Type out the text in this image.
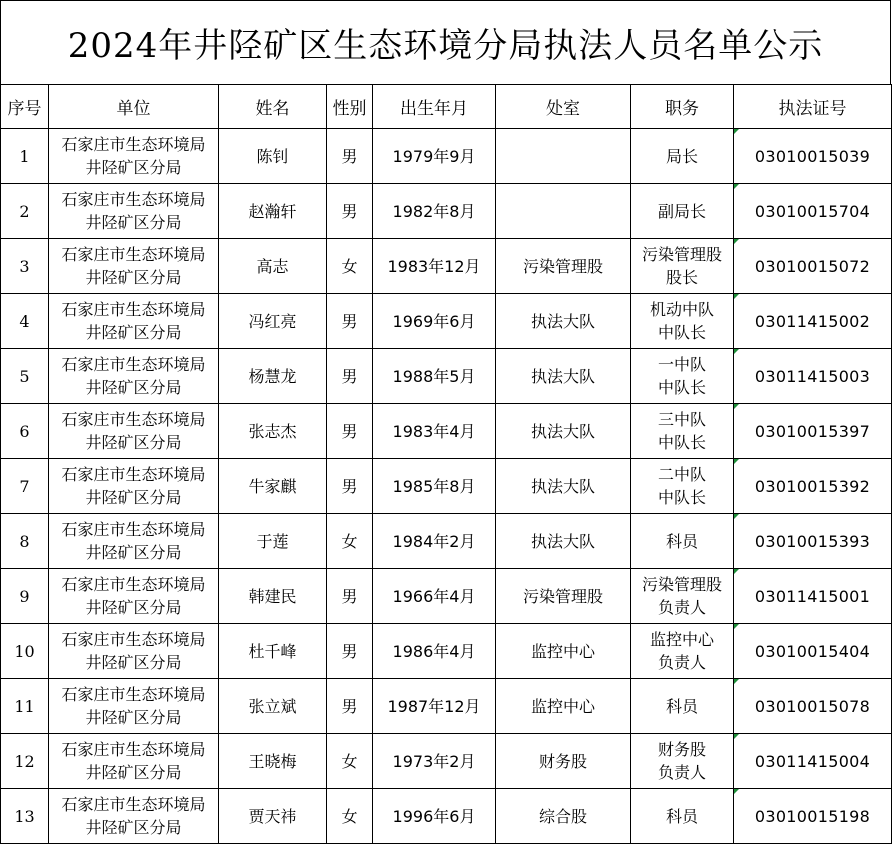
2024年井陉矿区生态环境分局执法人员名单公示
序号	单位	姓名	性别	出生年月	处室	职务	执法证号
1	石家庄市生态环境局
井陉矿区分局	陈钊	男	1979年9月		局长	03010015039
2	石家庄市生态环境局
井陉矿区分局	赵瀚轩	男	1982年8月		副局长	03010015704
3	石家庄市生态环境局
井陉矿区分局	高志	女	1983年12月	污染管理股	污染管理股
股长	03010015072
4	石家庄市生态环境局
井陉矿区分局	冯红亮	男	1969年6月	执法大队	机动中队
中队长	03011415002
5	石家庄市生态环境局
井陉矿区分局	杨慧龙	男	1988年5月	执法大队	一中队
中队长	03011415003
6	石家庄市生态环境局
井陉矿区分局	张志杰	男	1983年4月	执法大队	三中队
中队长	03010015397
7	石家庄市生态环境局
井陉矿区分局	牛家麒	男	1985年8月	执法大队	二中队
中队长	03010015392
8	石家庄市生态环境局
井陉矿区分局	于莲	女	1984年2月	执法大队	科员	03010015393
9	石家庄市生态环境局
井陉矿区分局	韩建民	男	1966年4月	污染管理股	污染管理股
负责人	03011415001
10	石家庄市生态环境局
井陉矿区分局	杜千峰	男	1986年4月	监控中心	监控中心
负责人	03010015404
11	石家庄市生态环境局
井陉矿区分局	张立斌	男	1987年12月	监控中心	科员	03010015078
12	石家庄市生态环境局
井陉矿区分局	王晓梅	女	1973年2月	财务股	财务股
负责人	03011415004
13	石家庄市生态环境局
井陉矿区分局	贾天祎	女	1996年6月	综合股	科员	03010015198
